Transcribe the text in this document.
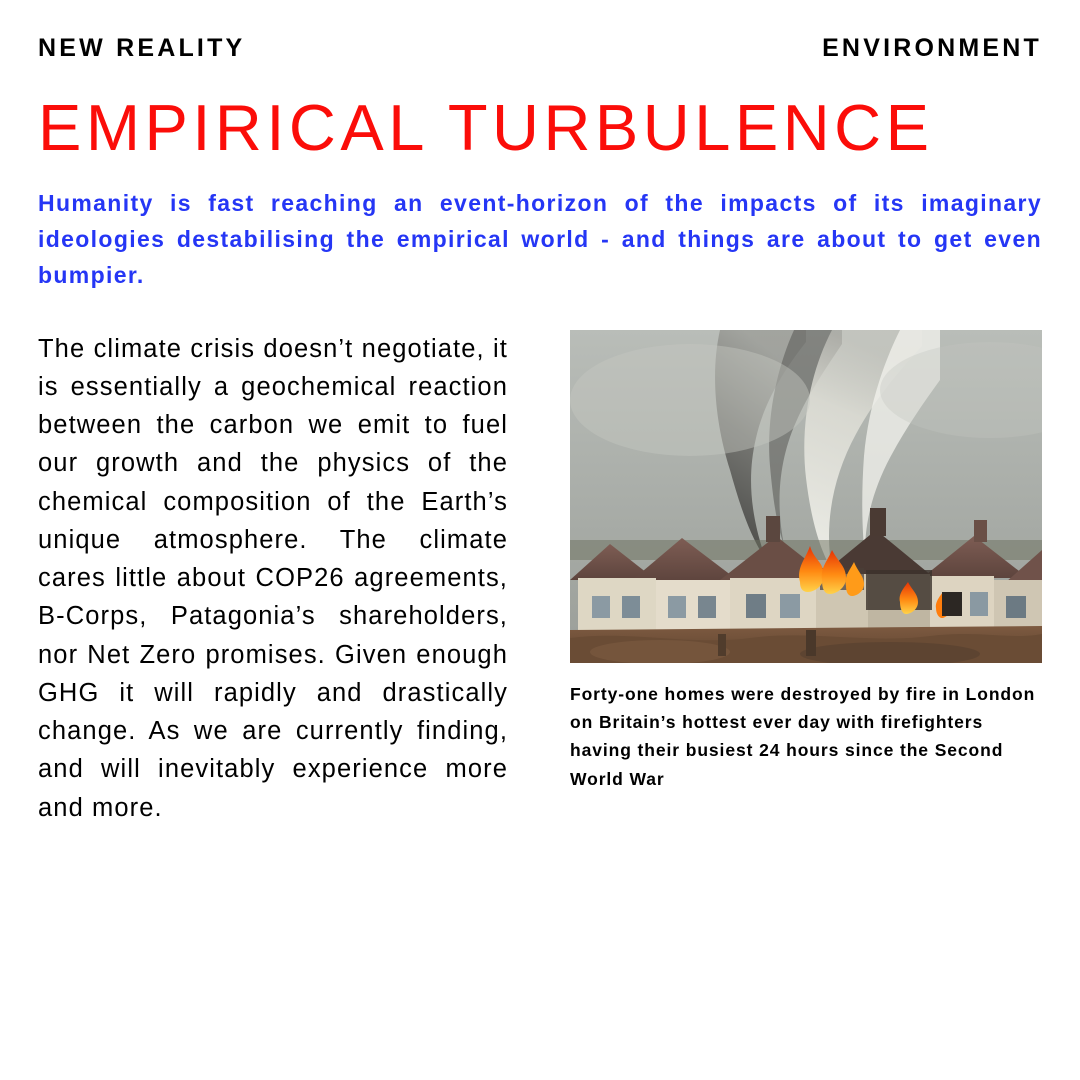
NEW REALITY	ENVIRONMENT
EMPIRICAL TURBULENCE

Humanity is fast reaching an event-horizon of the impacts of its imaginary ideologies destabilising the empirical world - and things are about to get even bumpier.

The climate crisis doesn’t negotiate, it is essentially a geochemical reaction between the carbon we emit to fuel our growth and the physics of the chemical composition of the Earth’s unique atmosphere. The climate cares little about COP26 agreements, B-Corps, Patagonia’s shareholders, nor Net Zero promises. Given enough GHG it will rapidly and drastically change. As we are currently finding, and will inevitably experience more and more.

Forty-one homes were destroyed by fire in London on Britain’s hottest ever day with firefighters having their busiest 24 hours since the Second World War
